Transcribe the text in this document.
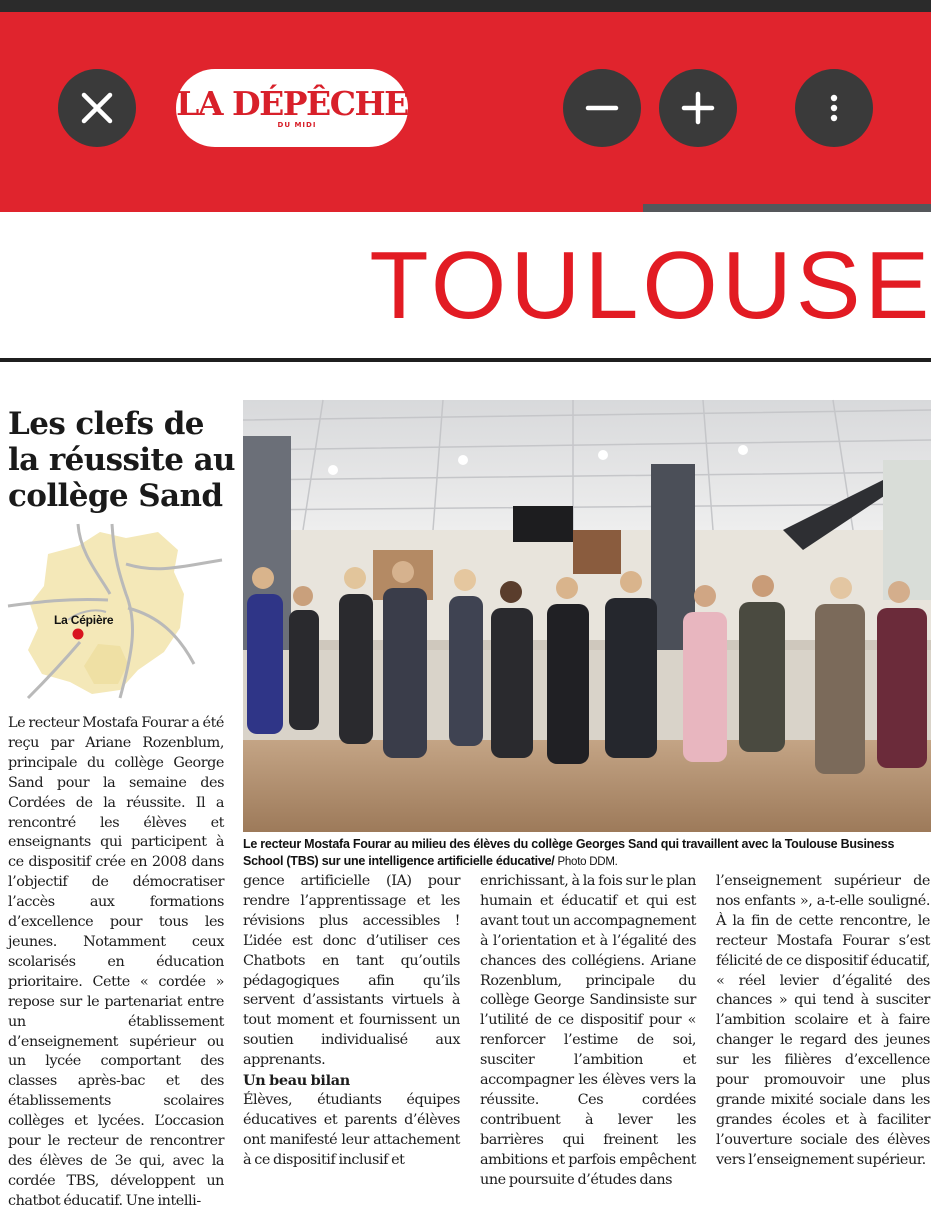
LA DÉPÊCHE
DU MIDI
TOULOUSE
Les clefs de la réussite au collège Sand
La Cépière
Le recteur Mostafa Fourar au milieu des élèves du collège Georges Sand qui travaillent avec la Toulouse Business School (TBS) sur une intelligence artificielle éducative/ Photo DDM.

Le recteur Mostafa Fourar a été reçu par Ariane Rozenblum, principale du collège George Sand pour la semaine des Cordées de la réussite. Il a rencontré les élèves et enseignants qui participent à ce dispositif crée en 2008 dans l’objectif de démocratiser l’accès aux formations d’excellence pour tous les jeunes. Notamment ceux scolarisés en éducation prioritaire. Cette « cordée » repose sur le partenariat entre un établissement d’enseignement supérieur ou un lycée comportant des classes après-bac et des établissements scolaires collèges et lycées. L’occasion pour le recteur de rencontrer des élèves de 3e qui, avec la cordée TBS, développent un chatbot éducatif. Une intelli-

gence artificielle (IA) pour rendre l’apprentissage et les révisions plus accessibles ! L’idée est donc d’utiliser ces Chatbots en tant qu’outils pédagogiques afin qu’ils servent d’assistants virtuels à tout moment et fournissent un soutien individualisé aux apprenants.

Un beau bilan

Élèves, étudiants équipes éducatives et parents d’élèves ont manifesté leur attachement à ce dispositif inclusif et

enrichissant, à la fois sur le plan humain et éducatif et qui est avant tout un accompagnement à l’orientation et à l’égalité des chances des collégiens. Ariane Rozenblum, principale du collège George Sandinsiste sur l’utilité de ce dispositif pour « renforcer l’estime de soi, susciter l’ambition et accompagner les élèves vers la réussite. Ces cordées contribuent à lever les barrières qui freinent les ambitions et parfois empêchent une poursuite d’études dans

l’enseignement supérieur de nos enfants », a-t-elle souligné. À la fin de cette rencontre, le recteur Mostafa Fourar s’est félicité de ce dispositif éducatif, « réel levier d’égalité des chances » qui tend à susciter l’ambition scolaire et à faire changer le regard des jeunes sur les filières d’excellence pour promouvoir une plus grande mixité sociale dans les grandes écoles et à faciliter l’ouverture sociale des élèves vers l’enseignement supérieur.
